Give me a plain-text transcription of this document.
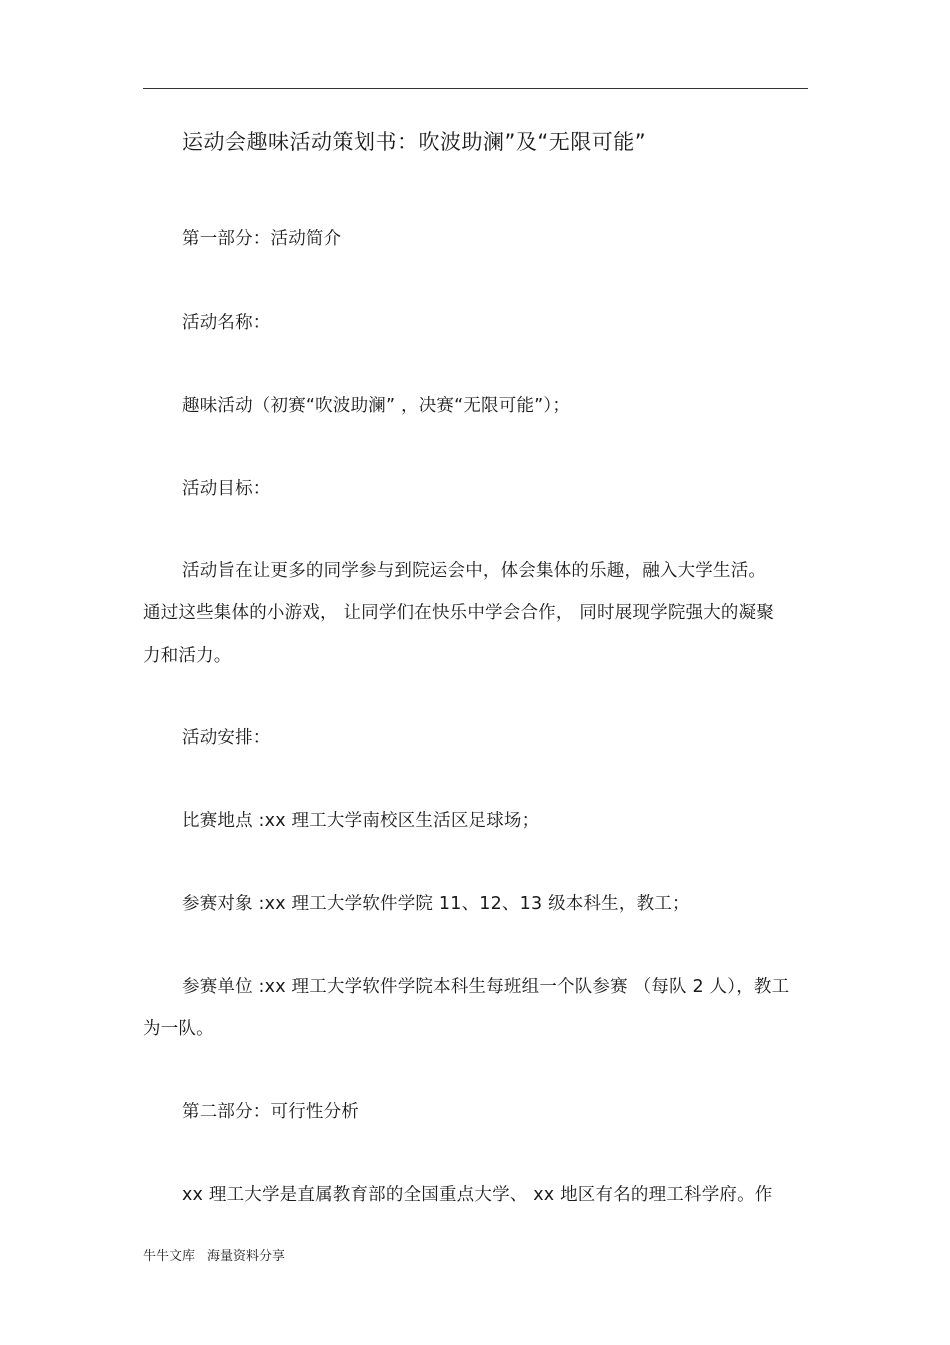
运动会趣味活动策划书：吹波助澜”及“无限可能”
第一部分：活动简介
活动名称：
趣味活动（初赛“吹波助澜” ，决赛“无限可能”）；
活动目标：
活动旨在让更多的同学参与到院运会中，体会集体的乐趣，融入大学生活。
通过这些集体的小游戏， 让同学们在快乐中学会合作， 同时展现学院强大的凝聚
力和活力。
活动安排：
比赛地点 :xx 理工大学南校区生活区足球场；
参赛对象 :xx 理工大学软件学院 11、12、13 级本科生，教工；
参赛单位 :xx 理工大学软件学院本科生每班组一个队参赛 （每队 2 人），教工
为一队。
第二部分：可行性分析
xx 理工大学是直属教育部的全国重点大学、 xx 地区有名的理工科学府。作
牛牛文库 海量资料分享
